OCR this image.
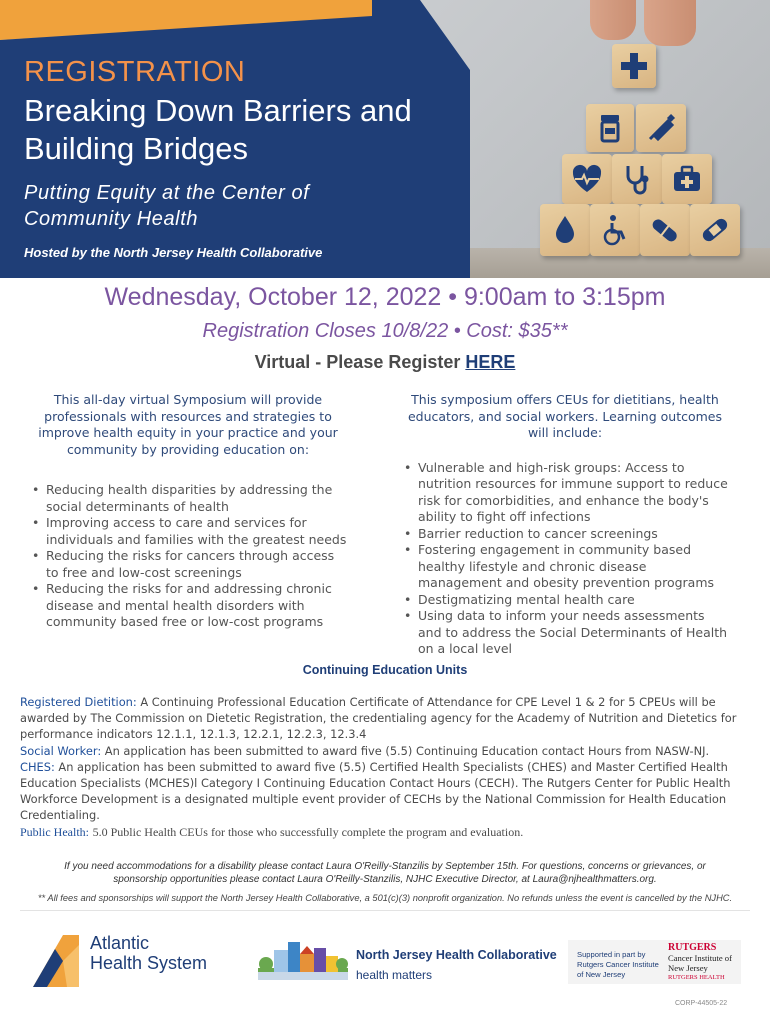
REGISTRATION
Breaking Down Barriers and Building Bridges
Putting Equity at the Center of Community Health
Hosted by the North Jersey Health Collaborative
Wednesday, October 12, 2022 • 9:00am to 3:15pm
Registration Closes 10/8/22 • Cost: $35**
Virtual - Please Register HERE

This all-day virtual Symposium will provide professionals with resources and strategies to improve health equity in your practice and your community by providing education on:

• Reducing health disparities by addressing the social determinants of health
• Improving access to care and services for individuals and families with the greatest needs
• Reducing the risks for cancers through access to free and low-cost screenings
• Reducing the risks for and addressing chronic disease and mental health disorders with community based free or low-cost programs

This symposium offers CEUs for dietitians, health educators, and social workers. Learning outcomes will include:

• Vulnerable and high-risk groups: Access to nutrition resources for immune support to reduce risk for comorbidities, and enhance the body's ability to fight off infections
• Barrier reduction to cancer screenings
• Fostering engagement in community based healthy lifestyle and chronic disease management and obesity prevention programs
• Destigmatizing mental health care
• Using data to inform your needs assessments and to address the Social Determinants of Health on a local level
Continuing Education Units
Registered Dietition: A Continuing Professional Education Certificate of Attendance for CPE Level 1 & 2 for 5 CPEUs will be awarded by The Commission on Dietetic Registration, the credentialing agency for the Academy of Nutrition and Dietetics for performance indicators 12.1.1, 12.1.3, 12.2.1, 12.2.3, 12.3.4
Social Worker: An application has been submitted to award five (5.5) Continuing Education contact Hours from NASW-NJ.
CHES: An application has been submitted to award five (5.5) Certified Health Specialists (CHES) and Master Certified Health Education Specialists (MCHES)l Category I Continuing Education Contact Hours (CECH). The Rutgers Center for Public Health Workforce Development is a designated multiple event provider of CECHs by the National Commission for Health Education Credentialing.
Public Health: 5.0 Public Health CEUs for those who successfully complete the program and evaluation.
If you need accommodations for a disability please contact Laura O'Reilly-Stanzilis by September 15th. For questions, concerns or grievances, or sponsorship opportunities please contact Laura O'Reilly-Stanzilis, NJHC Executive Director, at Laura@njhealthmatters.org.
** All fees and sponsorships will support the North Jersey Health Collaborative, a 501(c)(3) nonprofit organization. No refunds unless the event is cancelled by the NJHC.
Atlantic
Health System	North Jersey Health Collaborative
health matters
Supported in part by Rutgers Cancer Institute of New Jersey
RUTGERS
Cancer Institute of New Jersey
RUTGERS HEALTH
CORP-44505-22
